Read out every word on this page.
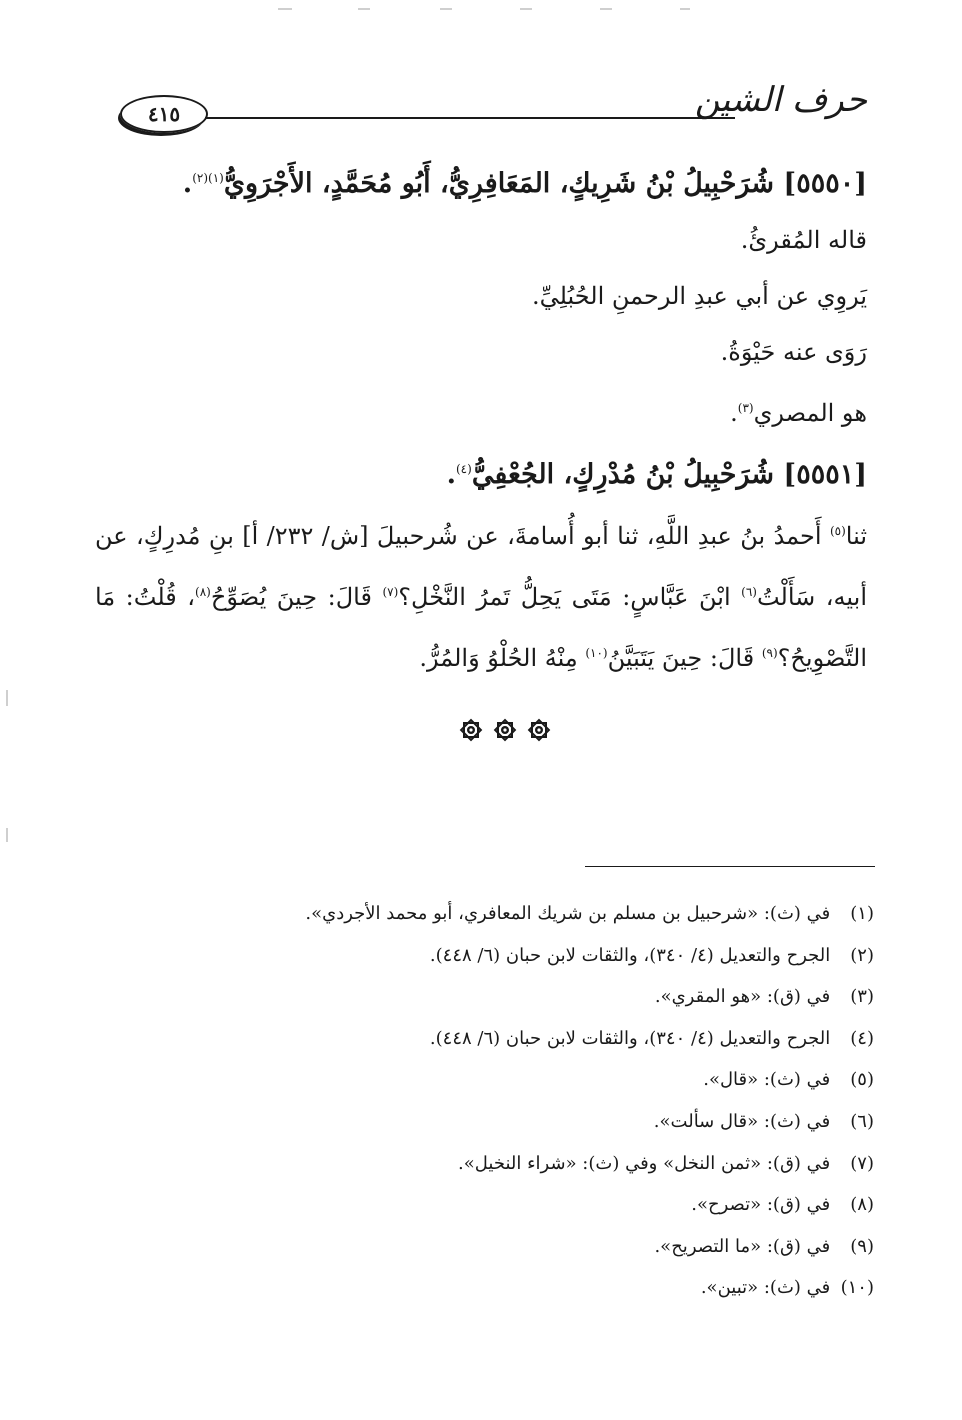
حرف الشين
٤١٥
[٥٥٥٠] شُرَحْبِيلُ بْنُ شَرِيكٍ، المَعَافِرِيُّ، أَبُو مُحَمَّدٍ، الأَجْرَوِيُّ$^{(١)(٢)}$.
قاله المُقرئُ.
يَروِي عن أبي عبدِ الرحمنِ الحُبُلِيِّ.
رَوَى عنه حَيْوَةُ.
هو المصري$^{(٣)}$.
[٥٥٥١] شُرَحْبِيلُ بْنُ مُدْرِكٍ، الجُعْفِيُّ$^{(٤)}$.
ثنا$^{(٥)}$ أَحمدُ بنُ عبدِ اللَّهِ، ثنا أبو أُسامةَ، عن شُرحبيلَ [ش/ ٢٣٢/ أ] بنِ مُدرِكٍ، عن أبيه، سَأَلْتُ$^{(٦)}$ ابْنَ عَبَّاسٍ: مَتَى يَحِلُّ تَمرُ النَّخْلِ؟$^{(٧)}$ قَالَ: حِينَ يُصَوِّحُ$^{(٨)}$، قُلْتُ: مَا التَّصْوِيحُ؟$^{(٩)}$ قَالَ: حِينَ يَتَبَيَّنُ$^{(١٠)}$ مِنْهُ الحُلْوُ وَالمُرُّ.
(١) في (ث): «شرحبيل بن مسلم بن شريك المعافري، أبو محمد الأجردي».
(٢) الجرح والتعديل (٤/ ٣٤٠)، والثقات لابن حبان (٦/ ٤٤٨).
(٣) في (ق): «هو المقري».
(٤) الجرح والتعديل (٤/ ٣٤٠)، والثقات لابن حبان (٦/ ٤٤٨).
(٥) في (ث): «قال».
(٦) في (ث): «قال سألت».
(٧) في (ق): «ثمن النخل» وفي (ث): «شراء النخيل».
(٨) في (ق): «تصرح».
(٩) في (ق): «ما التصريح».
(١٠) في (ث): «تبين».
